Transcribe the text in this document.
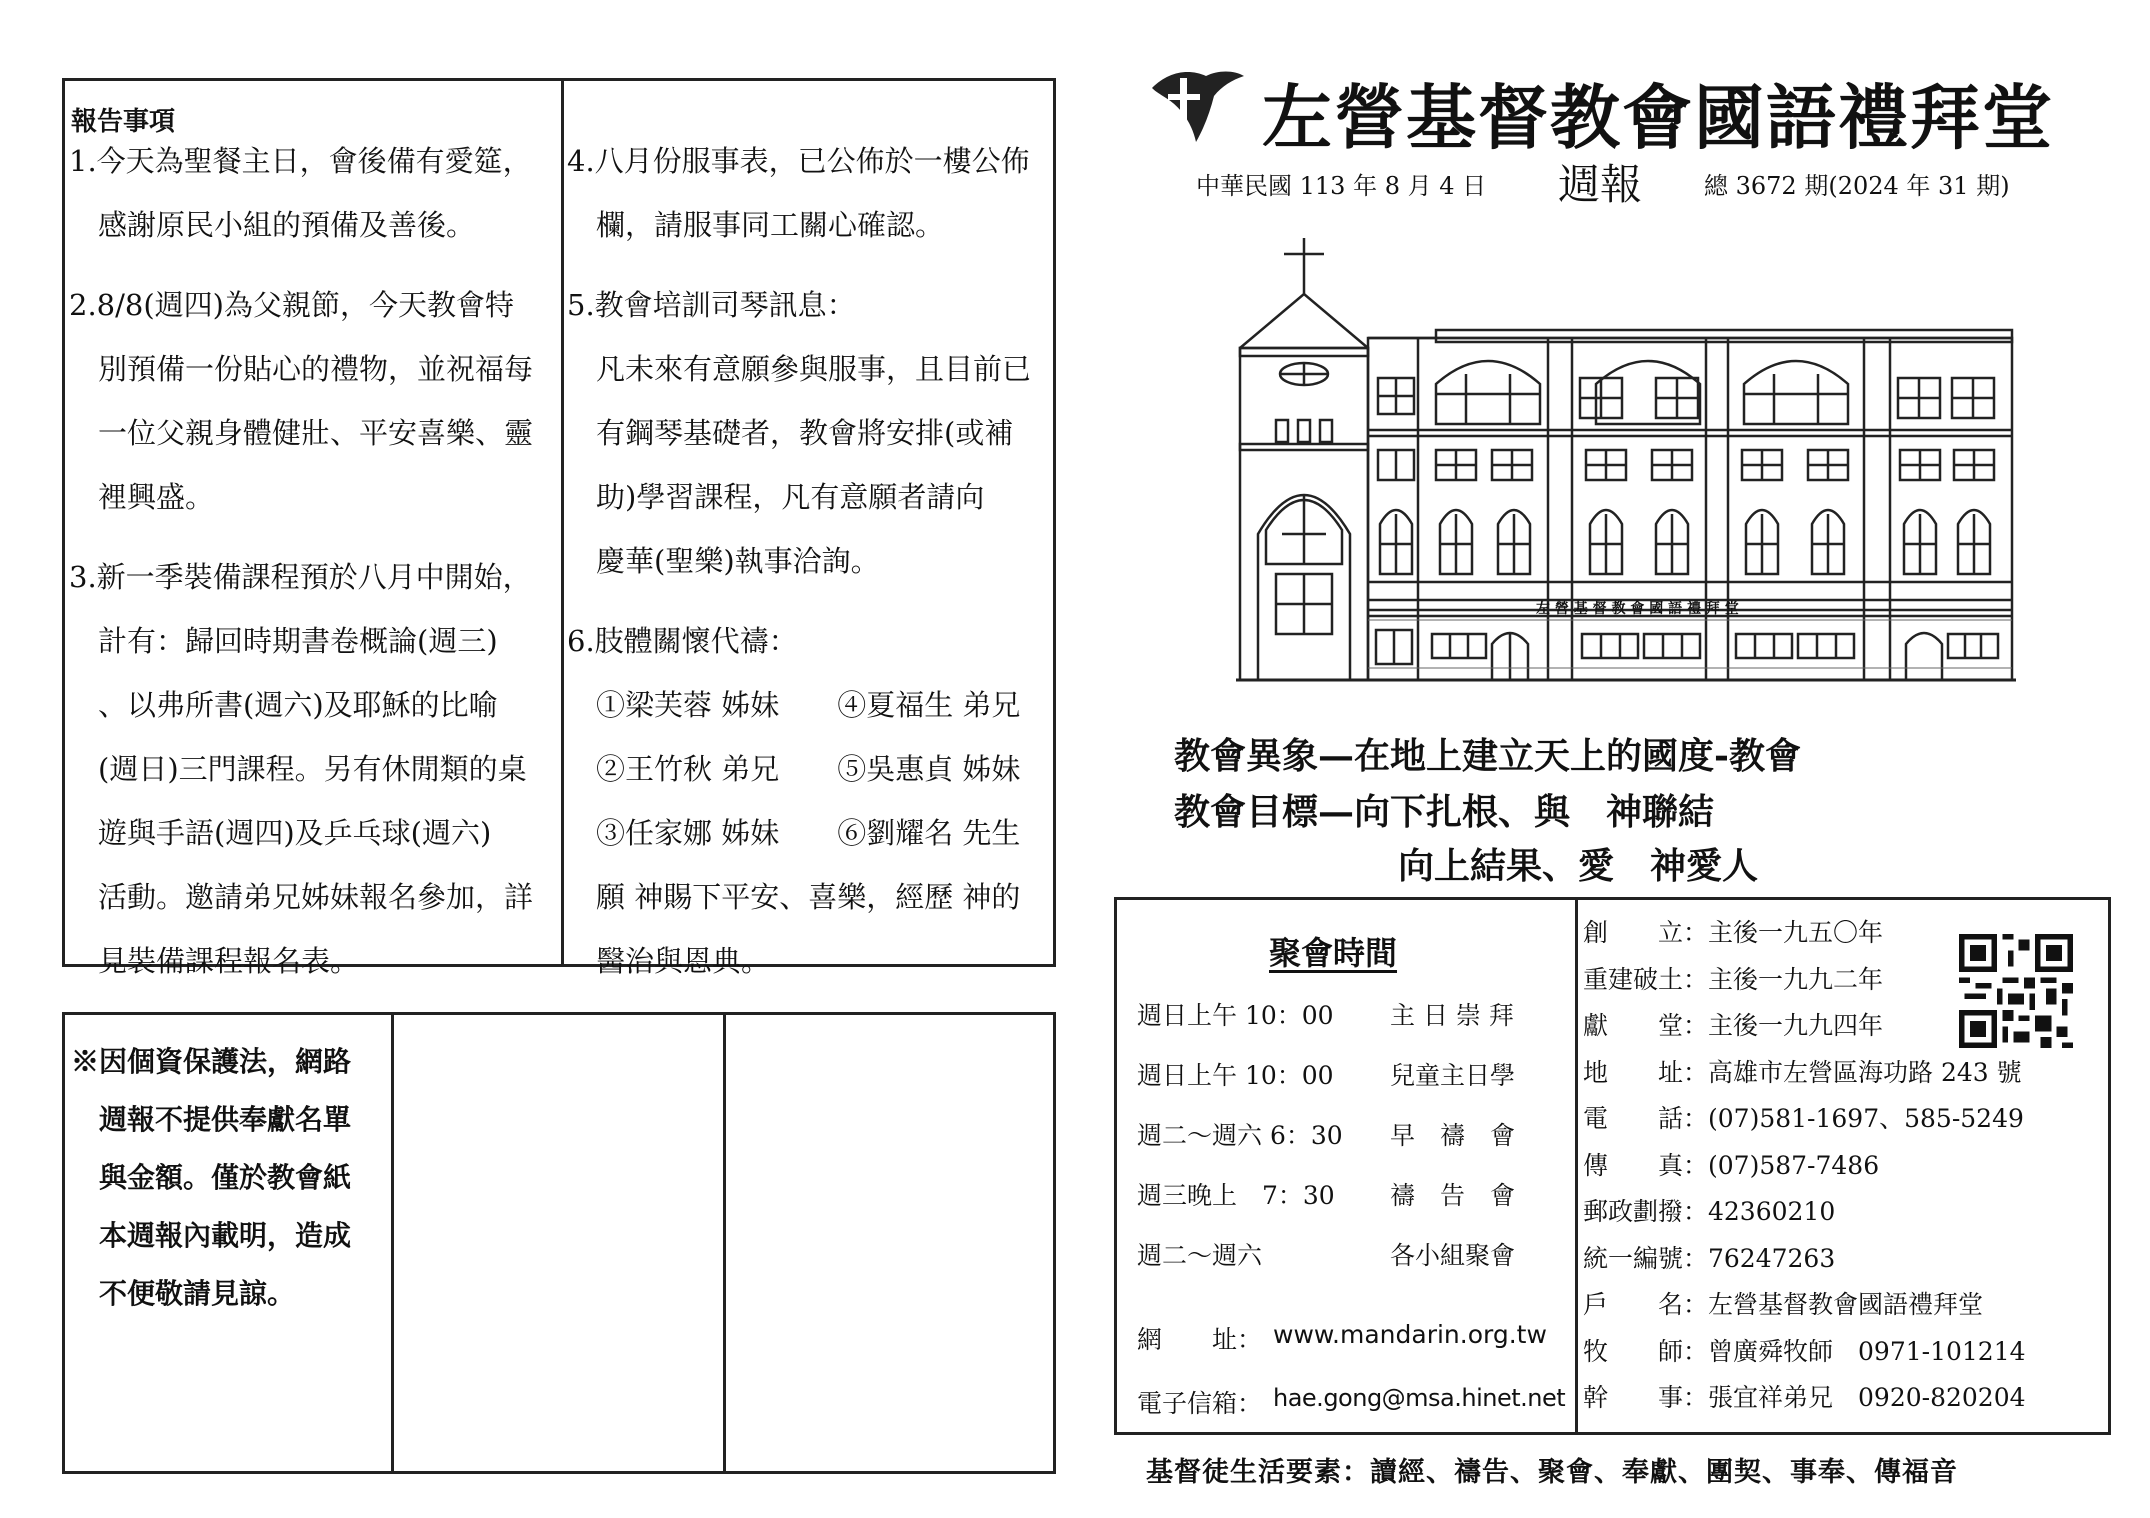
報告事項
1.今天為聖餐主日，會後備有愛筵，
　感謝原民小組的預備及善後。
2.8/8(週四)為父親節，今天教會特
　別預備一份貼心的禮物，並祝福每
　一位父親身體健壯、平安喜樂、靈
　裡興盛。
3.新一季裝備課程預於八月中開始，
　計有：歸回時期書卷概論(週三)
　、以弗所書(週六)及耶穌的比喻
　(週日)三門課程。另有休閒類的桌
　遊與手語(週四)及乒乓球(週六)
　活動。邀請弟兄姊妹報名參加，詳
　見裝備課程報名表。
4.八月份服事表，已公佈於一樓公佈
　欄，請服事同工關心確認。
5.教會培訓司琴訊息：
　凡未來有意願參與服事，且目前已
　有鋼琴基礎者，教會將安排(或補
　助)學習課程，凡有意願者請向
　慶華(聖樂)執事洽詢。
6.肢體關懷代禱：
　①梁芙蓉 姊妹　　④夏福生 弟兄
　②王竹秋 弟兄　　⑤吳惠貞 姊妹
　③任家娜 姊妹　　⑥劉耀名 先生
　願 神賜下平安、喜樂，經歷 神的
　醫治與恩典。
※因個資保護法，網路
　週報不提供奉獻名單
　與金額。僅於教會紙
　本週報內載明，造成
　不便敬請見諒。
左營基督教會國語禮拜堂
中華民國 113 年 8 月 4 日 週報	總 3672 期(2024 年 31 期)
左 營 基 督 教 會 國 語 禮 拜 堂
教會異象—在地上建立天上的國度-教會
教會目標—向下扎根、與　神聯結
向上結果、愛　神愛人
聚會時間
週日上午 10：00 主 日 崇 拜
週日上午 10：00 兒童主日學
週二～週六 6：30 早　禱　會
週三晚上　7：30 禱　告　會
週二～週六	各小組聚會
網　　址： www.mandarin.org.tw
電子信箱： hae.gong@msa.hinet.net
創　　立：主後一九五〇年
重建破土：主後一九九二年
獻　　堂：主後一九九四年
地　　址：高雄市左營區海功路 243 號
電　　話：(07)581-1697、585-5249
傳　　真：(07)587-7486
郵政劃撥：42360210
統一編號：76247263
戶　　名：左營基督教會國語禮拜堂
牧　　師：曾廣舜牧師　0971-101214
幹　　事：張宜祥弟兄　0920-820204
基督徒生活要素：讀經、禱告、聚會、奉獻、團契、事奉、傳福音
